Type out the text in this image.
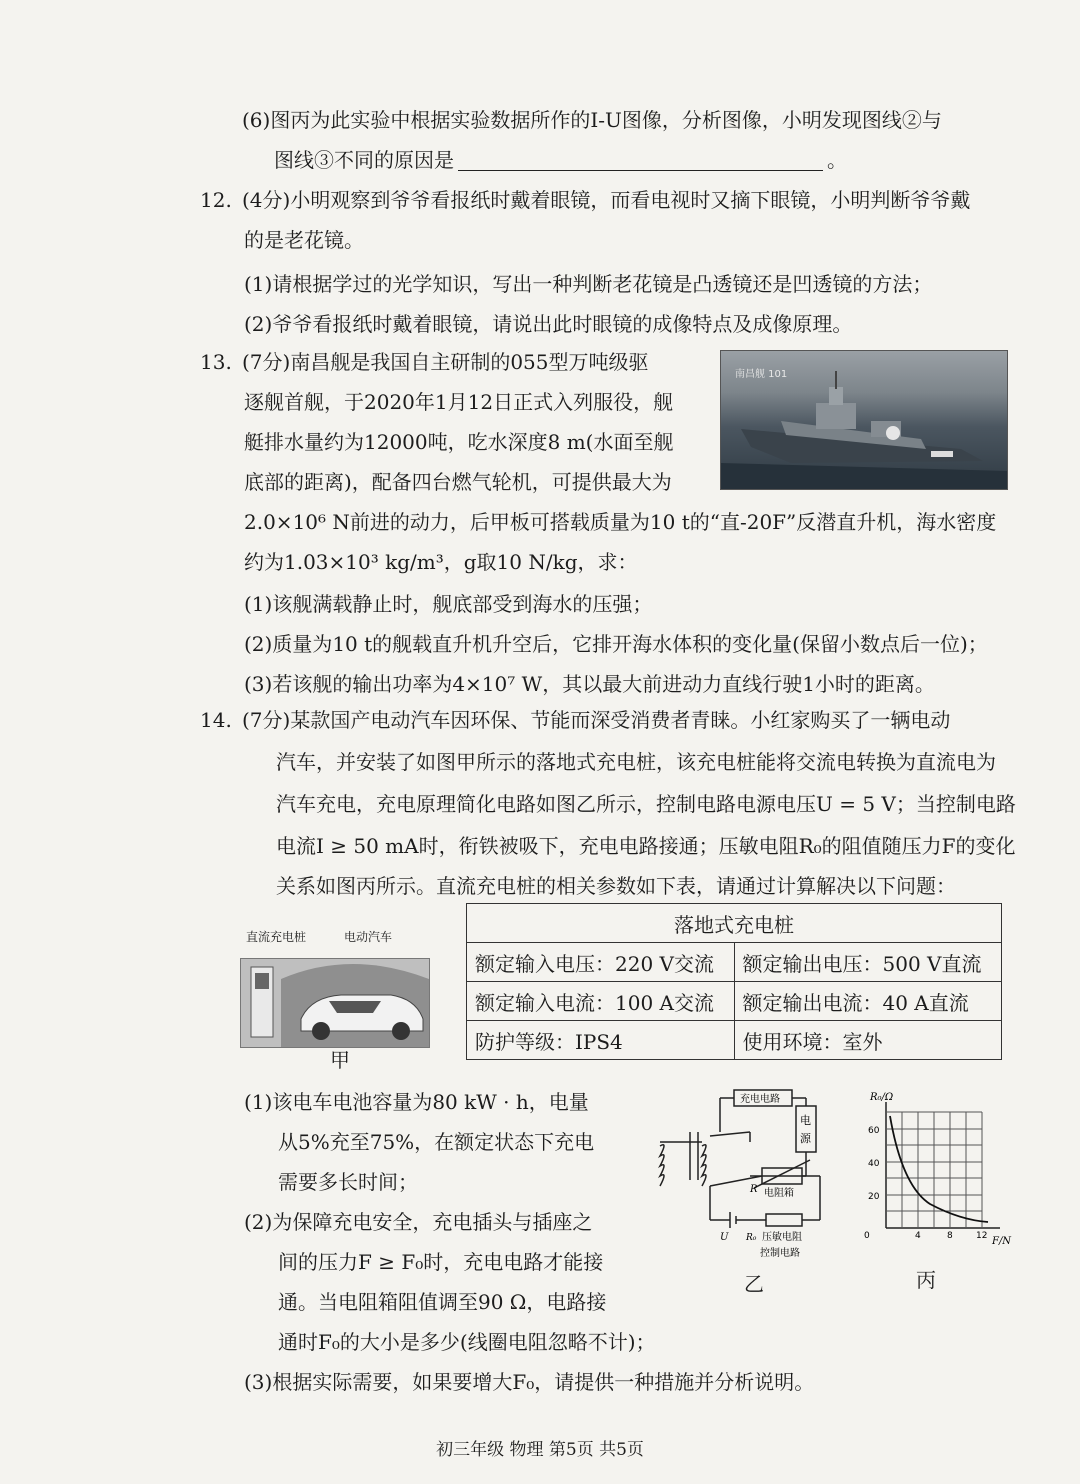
(6)图丙为此实验中根据实验数据所作的I-U图像，分析图像，小明发现图线②与
图线③不同的原因是	。
12. (4分)小明观察到爷爷看报纸时戴着眼镜，而看电视时又摘下眼镜，小明判断爷爷戴
的是老花镜。
(1)请根据学过的光学知识，写出一种判断老花镜是凸透镜还是凹透镜的方法；
(2)爷爷看报纸时戴着眼镜，请说出此时眼镜的成像特点及成像原理。
13. (7分)南昌舰是我国自主研制的055型万吨级驱
逐舰首舰，于2020年1月12日正式入列服役，舰
艇排水量约为12000吨，吃水深度8 m(水面至舰
底部的距离)，配备四台燃气轮机，可提供最大为
2.0×10⁶ N前进的动力，后甲板可搭载质量为10 t的“直-20F”反潜直升机，海水密度
约为1.03×10³ kg/m³，g取10 N/kg，求：
(1)该舰满载静止时，舰底部受到海水的压强；
(2)质量为10 t的舰载直升机升空后，它排开海水体积的变化量(保留小数点后一位)；
(3)若该舰的输出功率为4×10⁷ W，其以最大前进动力直线行驶1小时的距离。
南昌舰 101
14. (7分)某款国产电动汽车因环保、节能而深受消费者青睐。小红家购买了一辆电动
汽车，并安装了如图甲所示的落地式充电桩，该充电桩能将交流电转换为直流电为
汽车充电，充电原理简化电路如图乙所示，控制电路电源电压U = 5 V；当控制电路
电流I ≥ 50 mA时，衔铁被吸下，充电电路接通；压敏电阻R₀的阻值随压力F的变化
关系如图丙所示。直流充电桩的相关参数如下表，请通过计算解决以下问题：
直流充电桩	电动汽车
甲
落地式充电桩	
额定输入电压：220 V交流	额定输出电压：500 V直流
额定输入电流：100 A交流	额定输出电流：40 A直流
防护等级：IPS4	使用环境：室外
(1)该电车电池容量为80 kW · h，电量
从5%充至75%，在额定状态下充电
需要多长时间；
(2)为保障充电安全，充电插头与插座之
间的压力F ≥ F₀时，充电电路才能接
通。当电阻箱阻值调至90 Ω，电路接
通时F₀的大小是多少(线圈电阻忽略不计)；
(3)根据实际需要，如果要增大F₀，请提供一种措施并分析说明。
充电电路
电
源
R 电阻箱
R₀ 压敏电阻
控制电路
U
乙
R₀/Ω
F/N
20
40
60
0	4	8	12
丙
初三年级 物理 第5页 共5页
